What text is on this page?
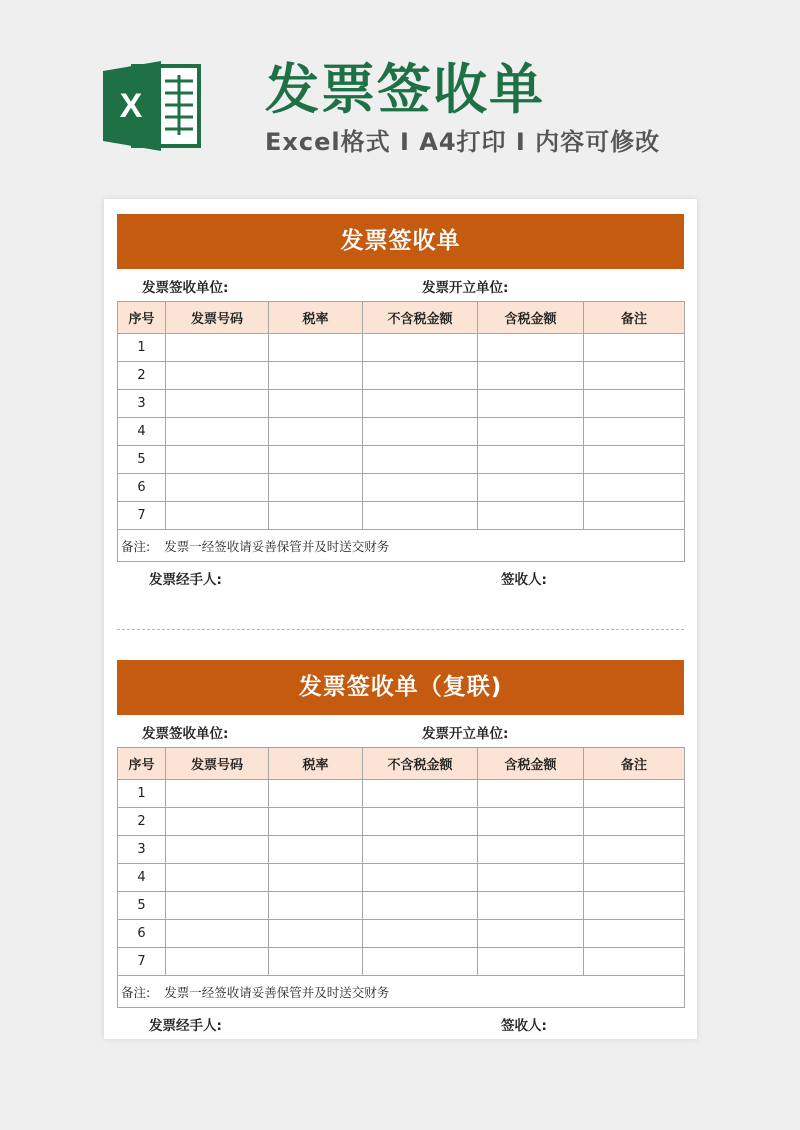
X 发票签收单
Excel格式 I A4打印 I 内容可修改
发票签收单
发票签收单位:	发票开立单位:
序号	发票号码	税率	不含税金额	含税金额	备注
1					
2					
3					
4					
5					
6					
7					
备注: 发票一经签收请妥善保管并及时送交财务					
发票经手人:	签收人:
发票签收单（复联)
发票签收单位:	发票开立单位:
序号	发票号码	税率	不含税金额	含税金额	备注
1					
2					
3					
4					
5					
6					
7					
备注: 发票一经签收请妥善保管并及时送交财务					
发票经手人:	签收人:
